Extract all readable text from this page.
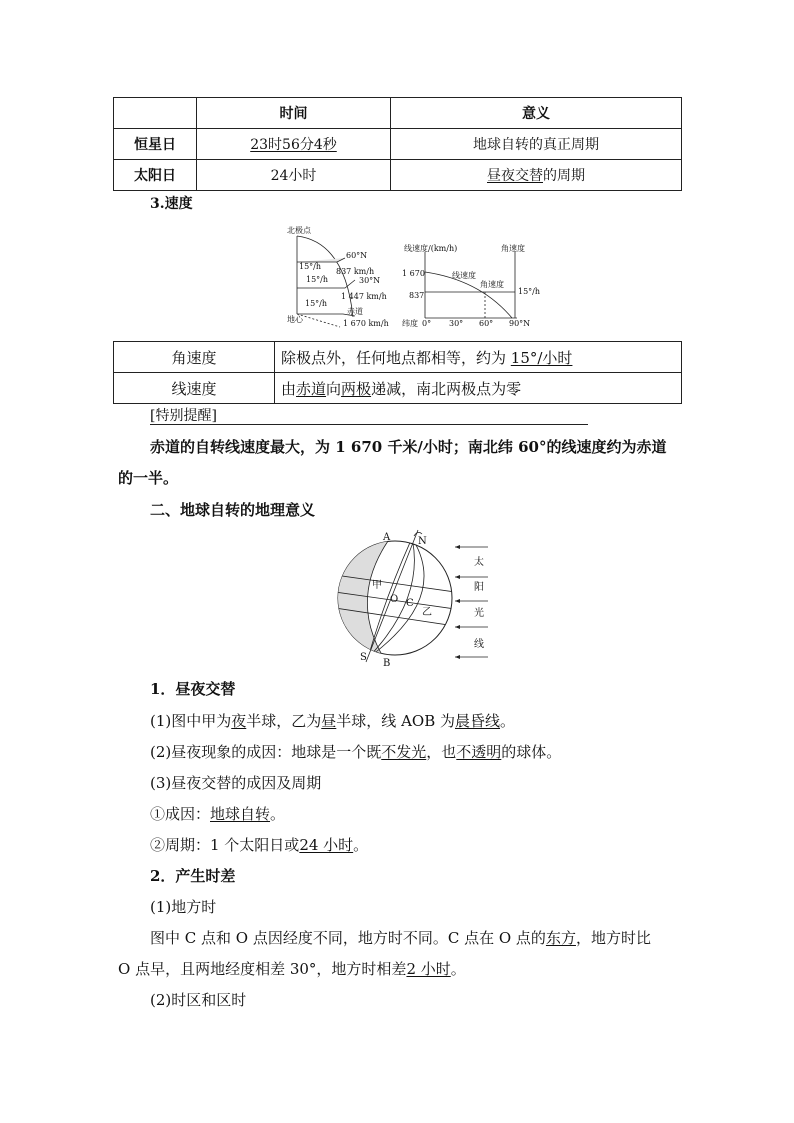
	时间	意义
恒星日	23时56分4秒	地球自转的真正周期
太阳日	24小时	昼夜交替的周期
3.速度
北极点
地心
赤道
60°N
30°N
15°/h
15°/h
15°/h
837 km/h
1 447 km/h
1 670 km/h
线速度/(km/h)	角速度
1 670
837
纬度 0° 30° 60° 90°N
线速度
角速度
15°/h
角速度	除极点外，任何地点都相等，约为 15°/小时
线速度	由赤道向两极递减，南北两极点为零
[特别提醒]
赤道的自转线速度最大，为 1 670 千米/小时；南北纬 60°的线速度约为赤道
的一半。
二、地球自转的地理意义
A
B
N
S
O C
甲
乙
太
阳
光
线
1．昼夜交替
(1)图中甲为夜半球，乙为昼半球，线 AOB 为晨昏线。
(2)昼夜现象的成因：地球是一个既不发光，也不透明的球体。
(3)昼夜交替的成因及周期
①成因：地球自转。
②周期：1 个太阳日或24 小时。
2．产生时差
(1)地方时
图中 C 点和 O 点因经度不同，地方时不同。C 点在 O 点的东方，地方时比
O 点早，且两地经度相差 30°，地方时相差2 小时。
(2)时区和区时
